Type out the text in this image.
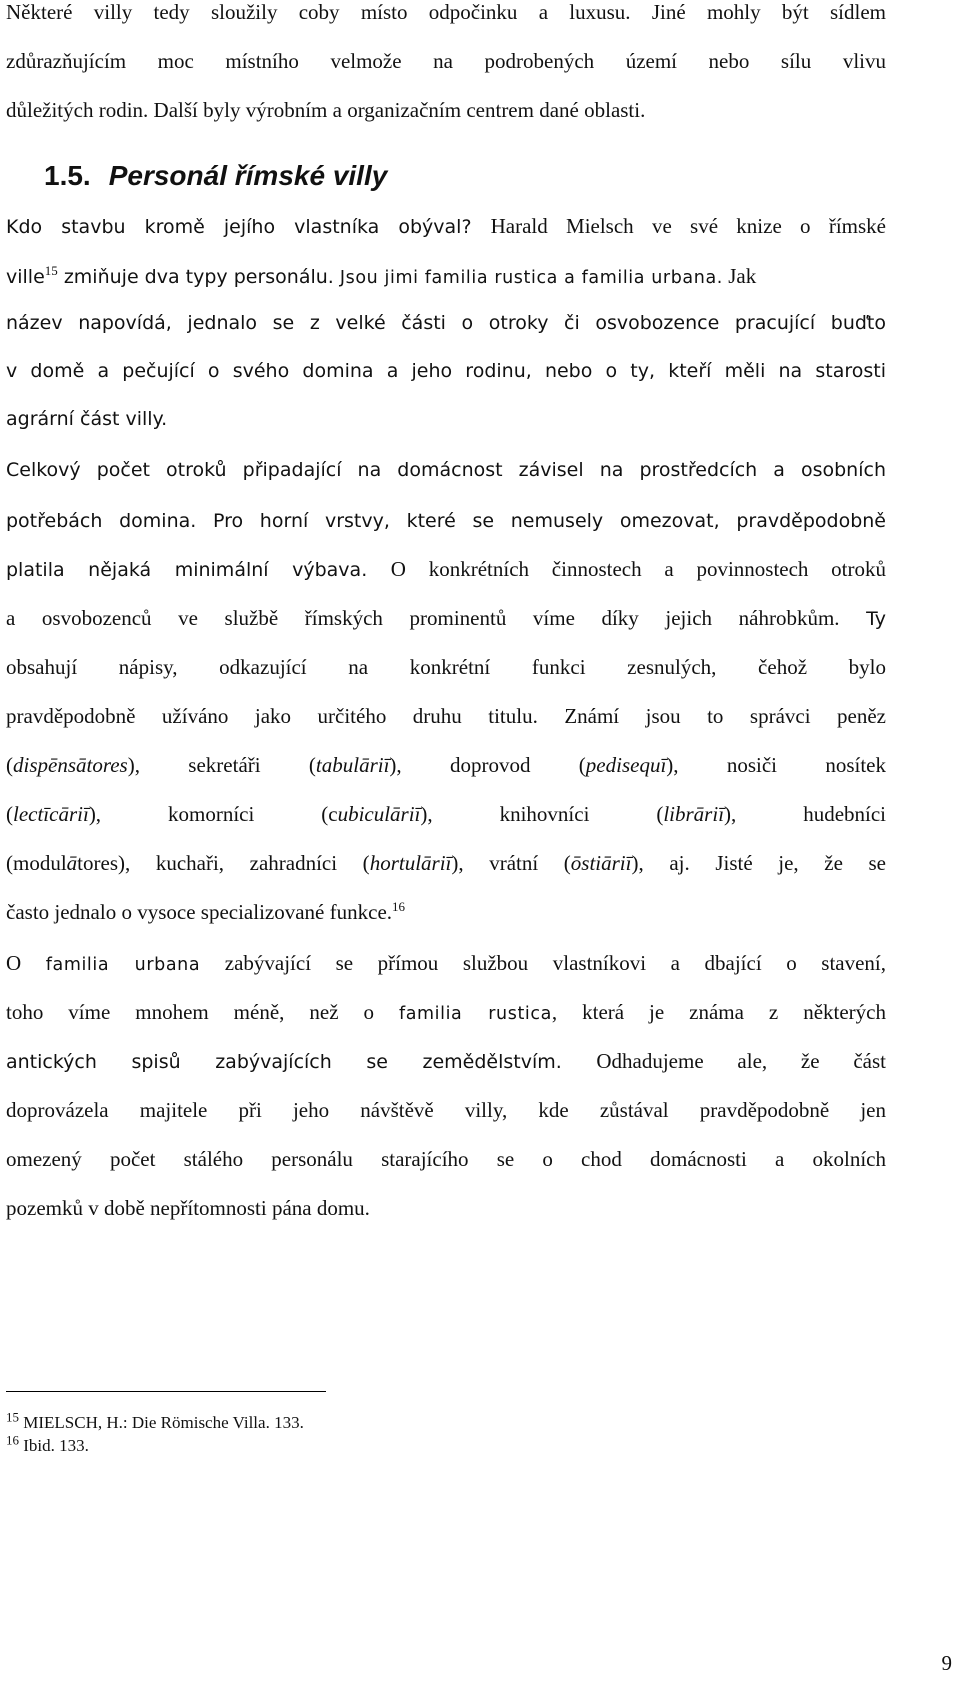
Některé villy tedy sloužily coby místo odpočinku a luxusu. Jiné mohly být sídlem
zdůrazňujícím moc místního velmože na podrobených území nebo sílu vlivu
důležitých rodin. Další byly výrobním a organizačním centrem dané oblasti.
1.5. Personál římské villy
Kdo stavbu kromě jejího vlastníka obýval? Harald Mielsch ve své knize o římské
ville$^{15}$ zmiňuje dva typy personálu. Jsou jimi familia rustica a familia urbana. Jak
název napovídá, jednalo se z velké části o otroky či osvobozence pracující buďto
v domě a pečující o svého domina a jeho rodinu, nebo o ty, kteří měli na starosti
agrární část villy.
Celkový počet otroků připadající na domácnost závisel na prostředcích a osobních
potřebách domina. Pro horní vrstvy, které se nemusely omezovat, pravděpodobně
platila nějaká minimální výbava. O konkrétních činnostech a povinnostech otroků
a osvobozenců ve službě římských prominentů víme díky jejich náhrobkům. Ty
obsahují nápisy, odkazující na konkrétní funkci zesnulých, čehož bylo
pravděpodobně užíváno jako určitého druhu titulu. Známí jsou to správci peněz
(dispēnsātores), sekretáři (tabulāriī), doprovod (pedisequī), nosiči nosítek
(lectīcāriī), komorníci (cubiculāriī), knihovníci (librāriī), hudebníci
(modulātores), kuchaři, zahradníci (hortulāriī), vrátní (ōstiāriī), aj. Jisté je, že se
často jednalo o vysoce specializované funkce.$^{16}$
O familia urbana zabývající se přímou službou vlastníkovi a dbající o stavení,
toho víme mnohem méně, než o familia rustica, která je známa z některých
antických spisů zabývajících se zemědělstvím. Odhadujeme ale, že část
doprovázela majitele při jeho návštěvě villy, kde zůstával pravděpodobně jen
omezený počet stálého personálu starajícího se o chod domácnosti a okolních
pozemků v době nepřítomnosti pána domu.
$^{15}$ MIELSCH, H.: Die Römische Villa. 133.
$^{16}$ Ibid. 133.
9
